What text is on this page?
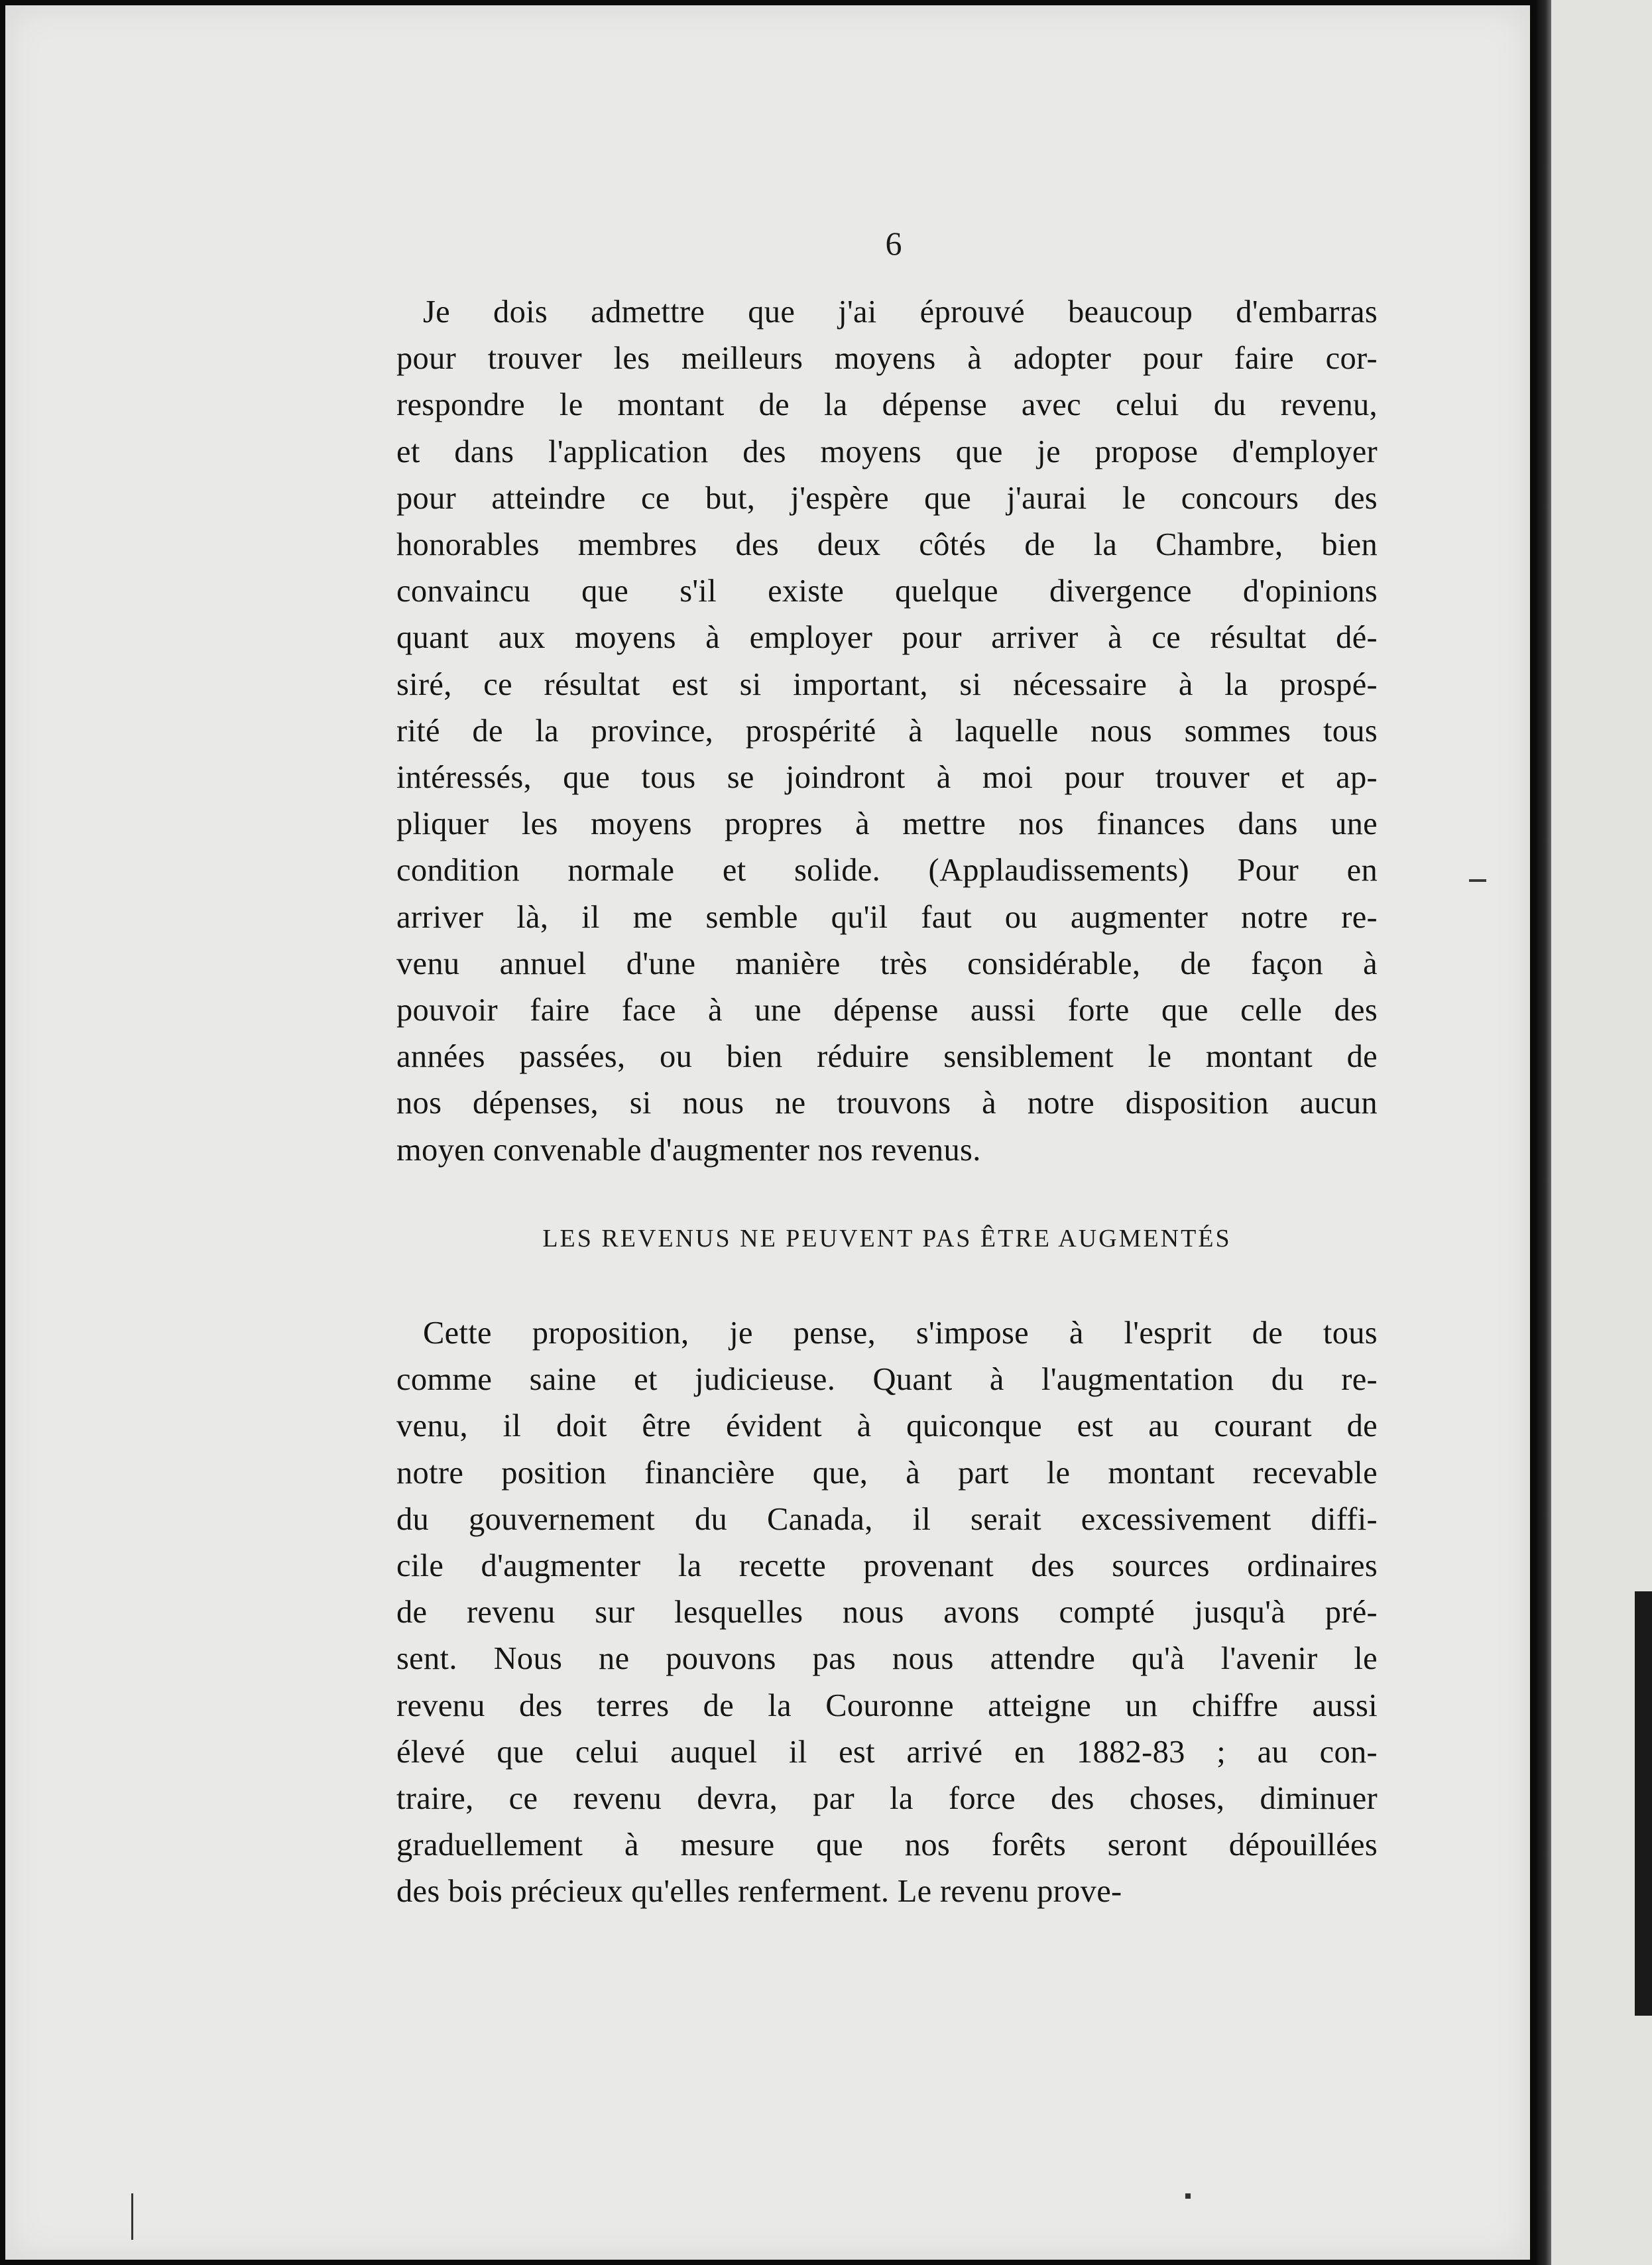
6
Je dois admettre que j'ai éprouvé beaucoup d'embarras
pour trouver les meilleurs moyens à adopter pour faire cor-
respondre le montant de la dépense avec celui du revenu,
et dans l'application des moyens que je propose d'employer
pour atteindre ce but, j'espère que j'aurai le concours des
honorables membres des deux côtés de la Chambre, bien
convaincu que s'il existe quelque divergence d'opinions
quant aux moyens à employer pour arriver à ce résultat dé-
siré, ce résultat est si important, si nécessaire à la prospé-
rité de la province, prospérité à laquelle nous sommes tous
intéressés, que tous se joindront à moi pour trouver et ap-
pliquer les moyens propres à mettre nos finances dans une
condition normale et solide. (Applaudissements) Pour en
arriver là, il me semble qu'il faut ou augmenter notre re-
venu annuel d'une manière très considérable, de façon à
pouvoir faire face à une dépense aussi forte que celle des
années passées, ou bien réduire sensiblement le montant de
nos dépenses, si nous ne trouvons à notre disposition aucun
moyen convenable d'augmenter nos revenus.
LES REVENUS NE PEUVENT PAS ÊTRE AUGMENTÉS
Cette proposition, je pense, s'impose à l'esprit de tous
comme saine et judicieuse. Quant à l'augmentation du re-
venu, il doit être évident à quiconque est au courant de
notre position financière que, à part le montant recevable
du gouvernement du Canada, il serait excessivement diffi-
cile d'augmenter la recette provenant des sources ordinaires
de revenu sur lesquelles nous avons compté jusqu'à pré-
sent. Nous ne pouvons pas nous attendre qu'à l'avenir le
revenu des terres de la Couronne atteigne un chiffre aussi
élevé que celui auquel il est arrivé en 1882-83 ; au con-
traire, ce revenu devra, par la force des choses, diminuer
graduellement à mesure que nos forêts seront dépouillées
des bois précieux qu'elles renferment. Le revenu prove-
